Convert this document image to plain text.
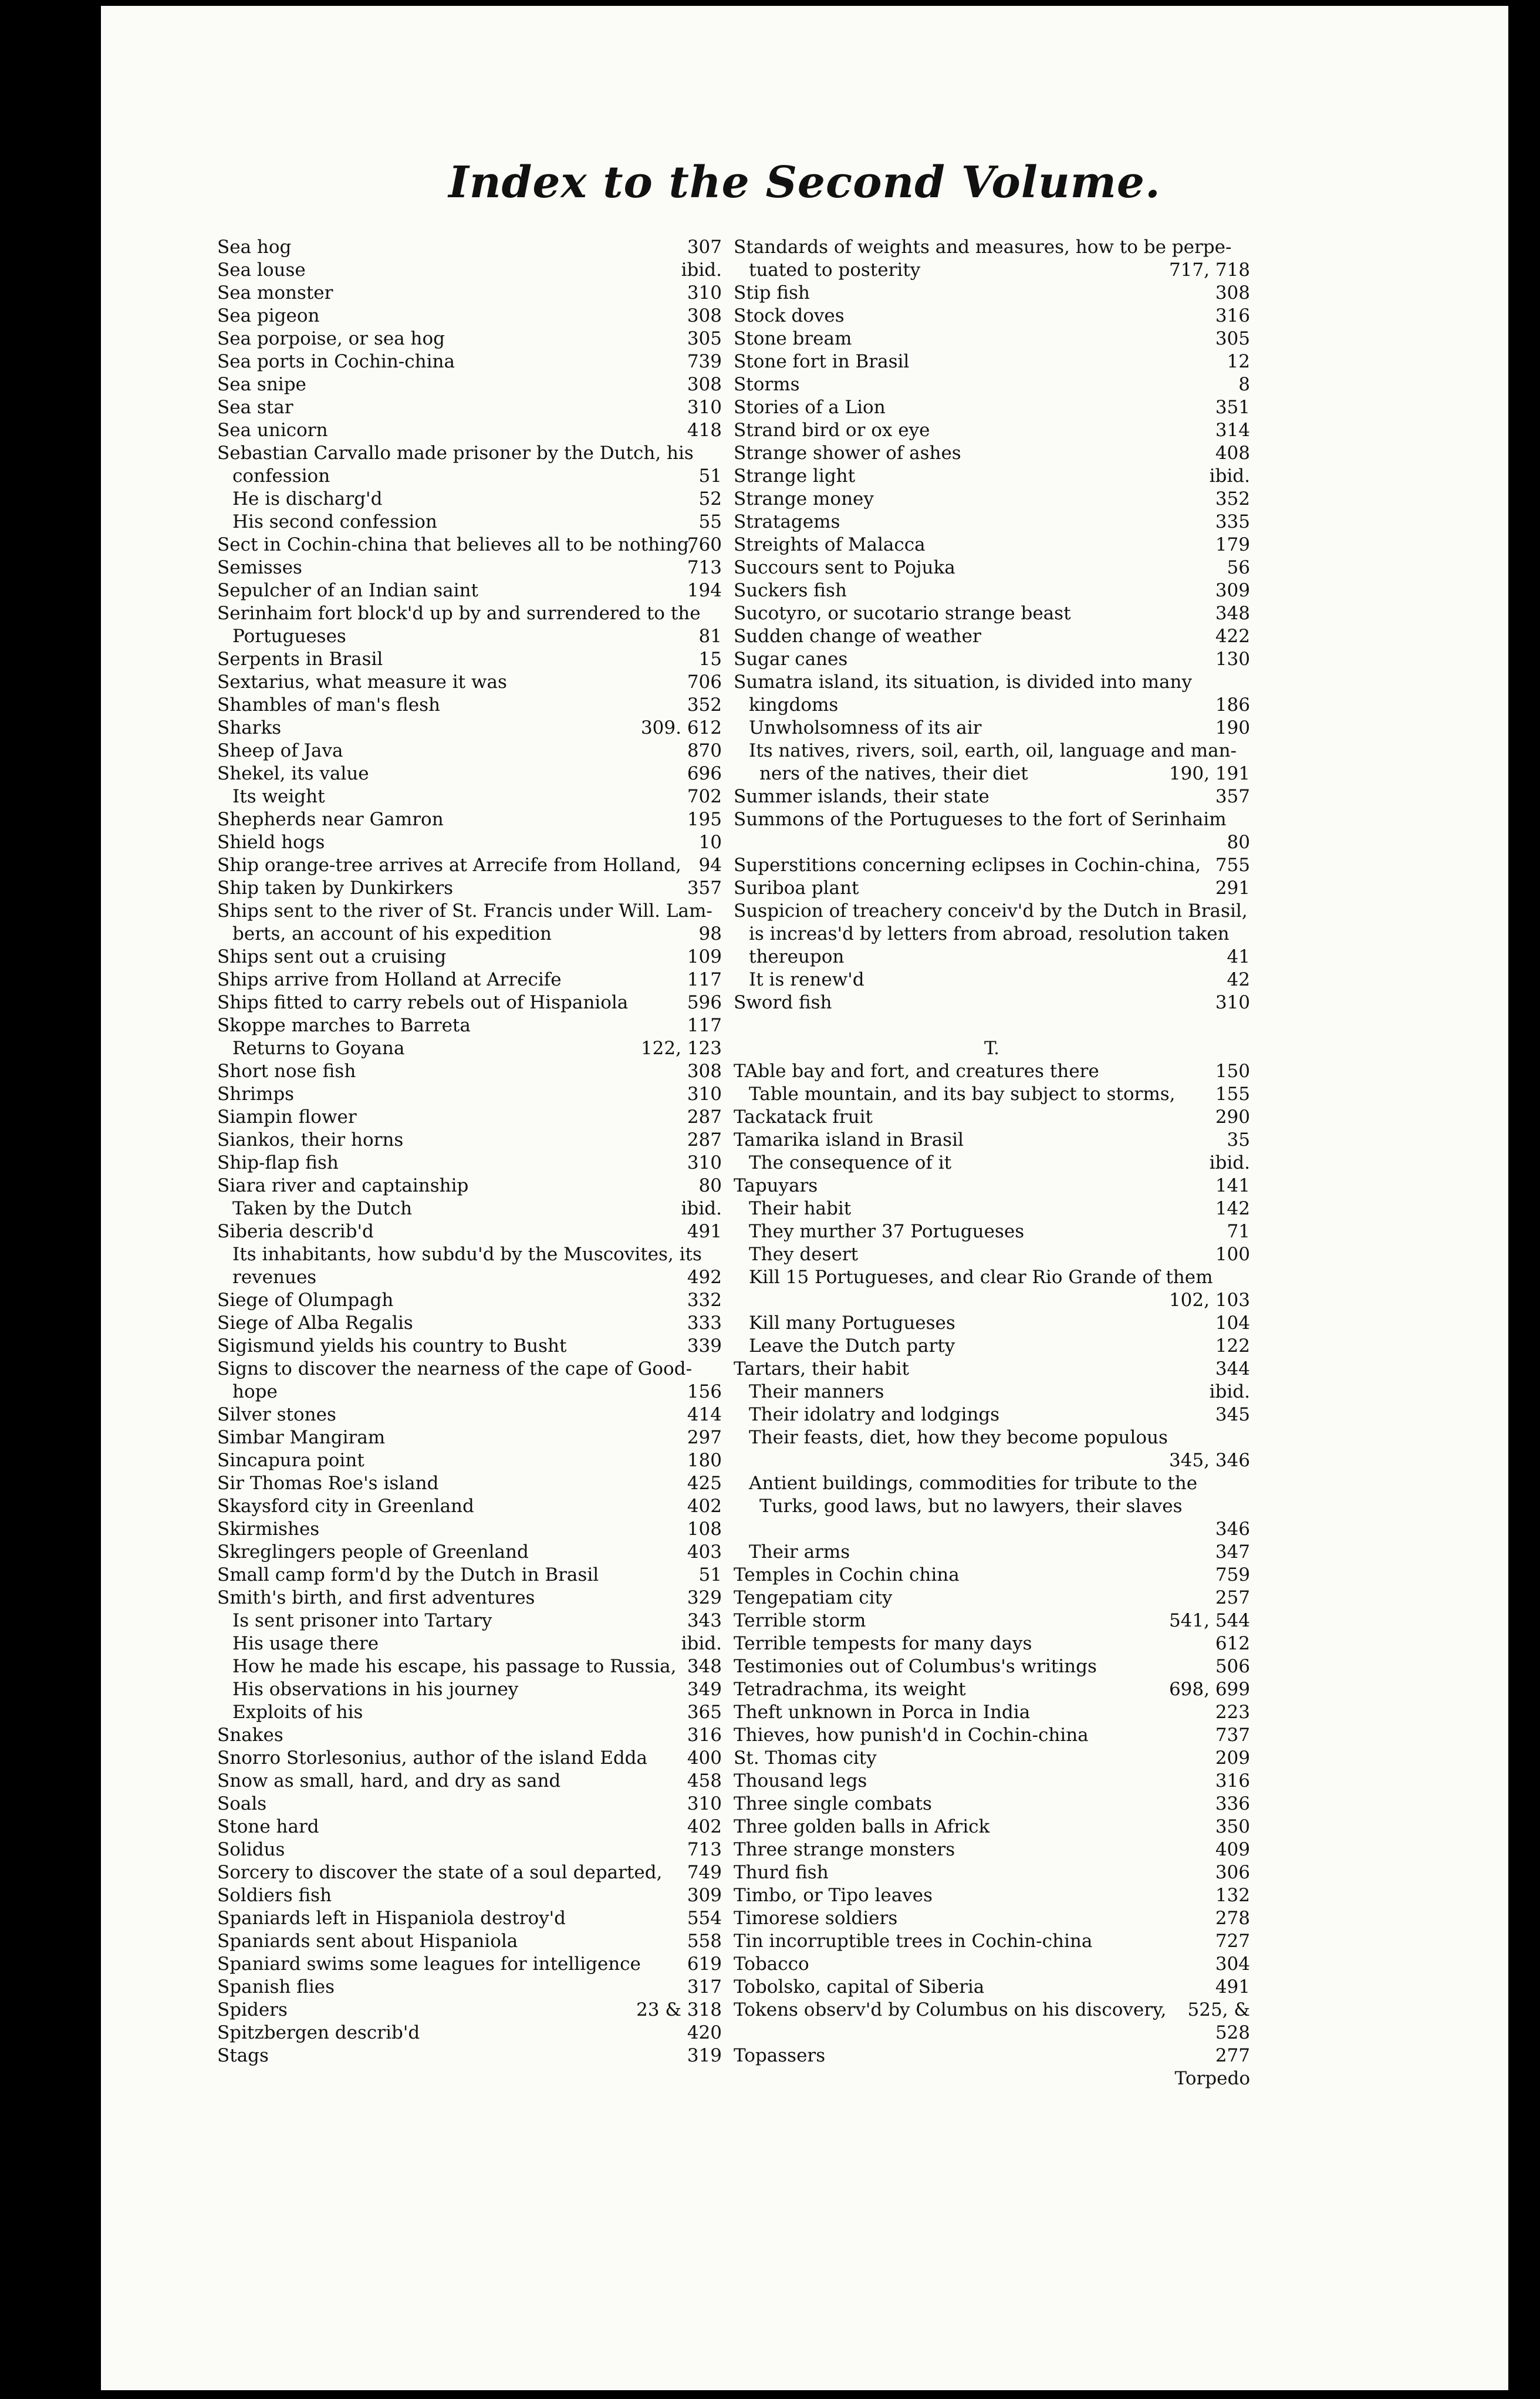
Index to the Second Volume.
Sea hog	307
Sea louse	ibid.
Sea monster	310
Sea pigeon	308
Sea porpoise, or sea hog	305
Sea ports in Cochin-china	739
Sea snipe	308
Sea star	310
Sea unicorn	418
Sebastian Carvallo made prisoner by the Dutch, his
confession	51
He is discharg'd	52
His second confession	55
Sect in Cochin-china that believes all to be nothing,
760
Semisses	713
Sepulcher of an Indian saint	194
Serinhaim fort block'd up by and surrendered to the
Portugueses	81
Serpents in Brasil	15
Sextarius, what measure it was	706
Shambles of man's flesh	352
Sharks	309. 612
Sheep of Java	870
Shekel, its value	696
Its weight	702
Shepherds near Gamron	195
Shield hogs	10
Ship orange-tree arrives at Arrecife from Holland, 94
Ship taken by Dunkirkers	357
Ships sent to the river of St. Francis under Will. Lam-
berts, an account of his expedition	98
Ships sent out a cruising	109
Ships arrive from Holland at Arrecife	117
Ships fitted to carry rebels out of Hispaniola	596
Skoppe marches to Barreta	117
Returns to Goyana	122, 123
Short nose fish	308
Shrimps	310
Siampin flower	287
Siankos, their horns	287
Ship-flap fish	310
Siara river and captainship	80
Taken by the Dutch	ibid.
Siberia describ'd	491
Its inhabitants, how subdu'd by the Muscovites, its
revenues	492
Siege of Olumpagh	332
Siege of Alba Regalis	333
Sigismund yields his country to Busht	339
Signs to discover the nearness of the cape of Good-
hope	156
Silver stones	414
Simbar Mangiram	297
Sincapura point	180
Sir Thomas Roe's island	425
Skaysford city in Greenland	402
Skirmishes	108
Skreglingers people of Greenland	403
Small camp form'd by the Dutch in Brasil	51
Smith's birth, and first adventures	329
Is sent prisoner into Tartary	343
His usage there	ibid.
How he made his escape, his passage to Russia, 348
His observations in his journey	349
Exploits of his	365
Snakes	316
Snorro Storlesonius, author of the island Edda	400
Snow as small, hard, and dry as sand	458
Soals	310
Stone hard	402
Solidus	713
Sorcery to discover the state of a soul departed,	749
Soldiers fish	309
Spaniards left in Hispaniola destroy'd	554
Spaniards sent about Hispaniola	558
Spaniard swims some leagues for intelligence	619
Spanish flies	317
Spiders	23 & 318
Spitzbergen describ'd	420
Stags	319
Standards of weights and measures, how to be perpe-
tuated to posterity	717, 718
Stip fish	308
Stock doves	316
Stone bream	305
Stone fort in Brasil	12
Storms	8
Stories of a Lion	351
Strand bird or ox eye	314
Strange shower of ashes	408
Strange light	ibid.
Strange money	352
Stratagems	335
Streights of Malacca	179
Succours sent to Pojuka	56
Suckers fish	309
Sucotyro, or sucotario strange beast	348
Sudden change of weather	422
Sugar canes	130
Sumatra island, its situation, is divided into many
kingdoms	186
Unwholsomness of its air	190
Its natives, rivers, soil, earth, oil, language and man-
ners of the natives, their diet	190, 191
Summer islands, their state	357
Summons of the Portugueses to the fort of Serinhaim
80
Superstitions concerning eclipses in Cochin-china, 755
Suriboa plant	291
Suspicion of treachery conceiv'd by the Dutch in Brasil,
is increas'd by letters from abroad, resolution taken
thereupon	41
It is renew'd	42
Sword fish	310
T.
TAble bay and fort, and creatures there	150
Table mountain, and its bay subject to storms,	155
Tackatack fruit	290
Tamarika island in Brasil	35
The consequence of it	ibid.
Tapuyars	141
Their habit	142
They murther 37 Portugueses	71
They desert	100
Kill 15 Portugueses, and clear Rio Grande of them
102, 103
Kill many Portugueses	104
Leave the Dutch party	122
Tartars, their habit	344
Their manners	ibid.
Their idolatry and lodgings	345
Their feasts, diet, how they become populous
345, 346
Antient buildings, commodities for tribute to the
Turks, good laws, but no lawyers, their slaves
346
Their arms	347
Temples in Cochin china	759
Tengepatiam city	257
Terrible storm	541, 544
Terrible tempests for many days	612
Testimonies out of Columbus's writings	506
Tetradrachma, its weight	698, 699
Theft unknown in Porca in India	223
Thieves, how punish'd in Cochin-china	737
St. Thomas city	209
Thousand legs	316
Three single combats	336
Three golden balls in Africk	350
Three strange monsters	409
Thurd fish	306
Timbo, or Tipo leaves	132
Timorese soldiers	278
Tin incorruptible trees in Cochin-china	727
Tobacco	304
Tobolsko, capital of Siberia	491
Tokens observ'd by Columbus on his discovery,	525, &
528
Topassers	277
Torpedo
